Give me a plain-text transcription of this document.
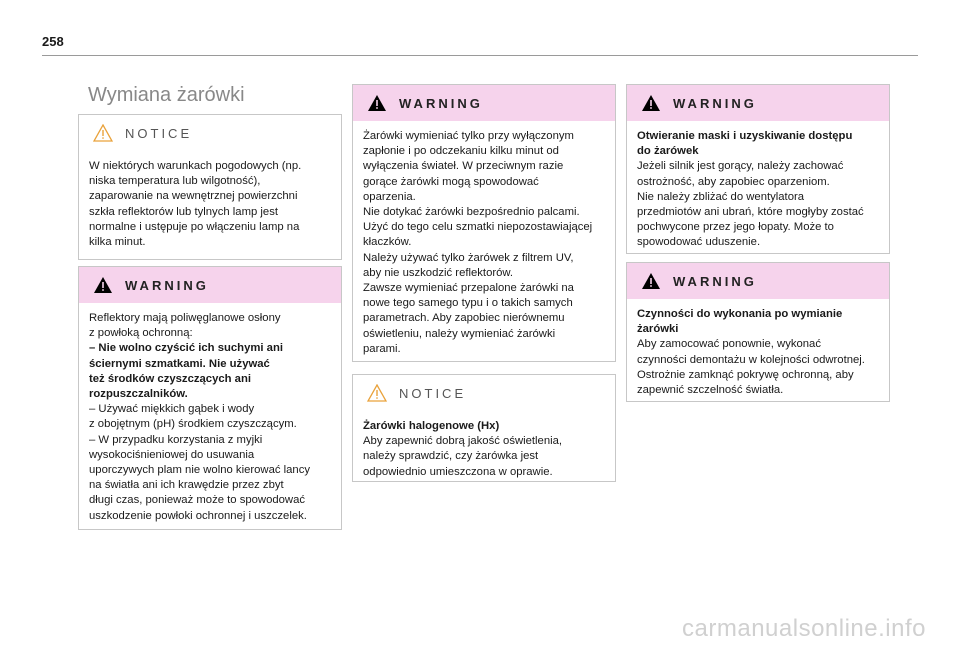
258
Wymiana żarówki
NOTICE

W niektórych warunkach pogodowych (np.

niska temperatura lub wilgotność),

zaparowanie na wewnętrznej powierzchni

szkła reflektorów lub tylnych lamp jest

normalne i ustępuje po włączeniu lamp na

kilka minut.

WARNING

Reflektory mają poliwęglanowe osłony

z powłoką ochronną:

– Nie wolno czyścić ich suchymi ani

ściernymi szmatkami. Nie używać

też środków czyszczących ani

rozpuszczalników.

– Używać miękkich gąbek i wody

z obojętnym (pH) środkiem czyszczącym.

– W przypadku korzystania z myjki

wysokociśnieniowej do usuwania

uporczywych plam nie wolno kierować lancy

na światła ani ich krawędzie przez zbyt

długi czas, ponieważ może to spowodować

uszkodzenie powłoki ochronnej i uszczelek.

WARNING

Żarówki wymieniać tylko przy wyłączonym

zapłonie i po odczekaniu kilku minut od

wyłączenia świateł. W przeciwnym razie

gorące żarówki mogą spowodować

oparzenia.

Nie dotykać żarówki bezpośrednio palcami.

Użyć do tego celu szmatki niepozostawiającej

kłaczków.

Należy używać tylko żarówek z filtrem UV,

aby nie uszkodzić reflektorów.

Zawsze wymieniać przepalone żarówki na

nowe tego samego typu i o takich samych

parametrach. Aby zapobiec nierównemu

oświetleniu, należy wymieniać żarówki

parami.

NOTICE

Żarówki halogenowe (Hx)

Aby zapewnić dobrą jakość oświetlenia,

należy sprawdzić, czy żarówka jest

odpowiednio umieszczona w oprawie.

WARNING

Otwieranie maski i uzyskiwanie dostępu

do żarówek

Jeżeli silnik jest gorący, należy zachować

ostrożność, aby zapobiec oparzeniom.

Nie należy zbliżać do wentylatora

przedmiotów ani ubrań, które mogłyby zostać

pochwycone przez jego łopaty. Może to

spowodować uduszenie.

WARNING

Czynności do wykonania po wymianie

żarówki

Aby zamocować ponownie, wykonać

czynności demontażu w kolejności odwrotnej.

Ostrożnie zamknąć pokrywę ochronną, aby

zapewnić szczelność światła.

carmanualsonline.info
